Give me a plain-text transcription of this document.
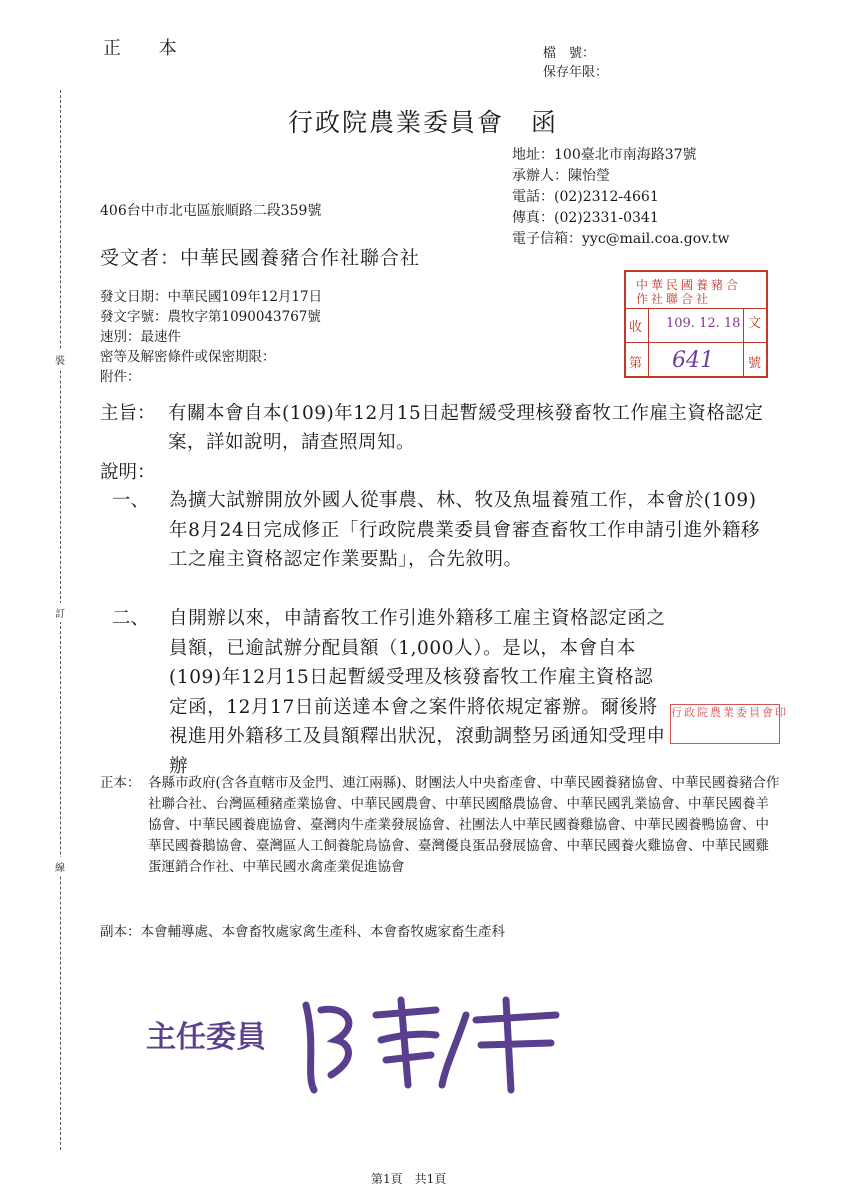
裝
訂
線
正 本	檔　號：
保存年限：
行政院農業委員會　函
地址：100臺北市南海路37號
承辦人：陳怡瑩
電話：(02)2312-4661
傳真：(02)2331-0341
電子信箱：yyc@mail.coa.gov.tw
406台中市北屯區旅順路二段359號
受文者：中華民國養豬合作社聯合社
發文日期：中華民國109年12月17日
發文字號：農牧字第1090043767號
速別：最速件
密等及解密條件或保密期限：
附件：
中華民國養豬合作社聯合社
收 109. 12. 18 文
第 641	號
主旨： 有關本會自本(109)年12月15日起暫緩受理核發畜牧工作雇主資格認定案，詳如說明，請查照周知。
說明：
一、	為擴大試辦開放外國人從事農、林、牧及魚塭養殖工作，本會於(109)年8月24日完成修正「行政院農業委員會審查畜牧工作申請引進外籍移工之雇主資格認定作業要點」，合先敘明。
二、	自開辦以來，申請畜牧工作引進外籍移工雇主資格認定函之員額，已逾試辦分配員額（1,000人）。是以，本會自本(109)年12月15日起暫緩受理及核發畜牧工作雇主資格認定函，12月17日前送達本會之案件將依規定審辦。爾後將視進用外籍移工及員額釋出狀況，滾動調整另函通知受理申辦
行政院農業委員會印
正本： 各縣市政府(含各直轄市及金門、連江兩縣)、財團法人中央畜產會、中華民國養豬協會、中華民國養豬合作社聯合社、台灣區種豬產業協會、中華民國農會、中華民國酪農協會、中華民國乳業協會、中華民國養羊協會、中華民國養鹿協會、臺灣肉牛產業發展協會、社團法人中華民國養雞協會、中華民國養鴨協會、中華民國養鵝協會、臺灣區人工飼養鴕鳥協會、臺灣優良蛋品發展協會、中華民國養火雞協會、中華民國雞蛋運銷合作社、中華民國水禽產業促進協會
副本：本會輔導處、本會畜牧處家禽生產科、本會畜牧處家畜生產科
主任委員
第1頁　共1頁
